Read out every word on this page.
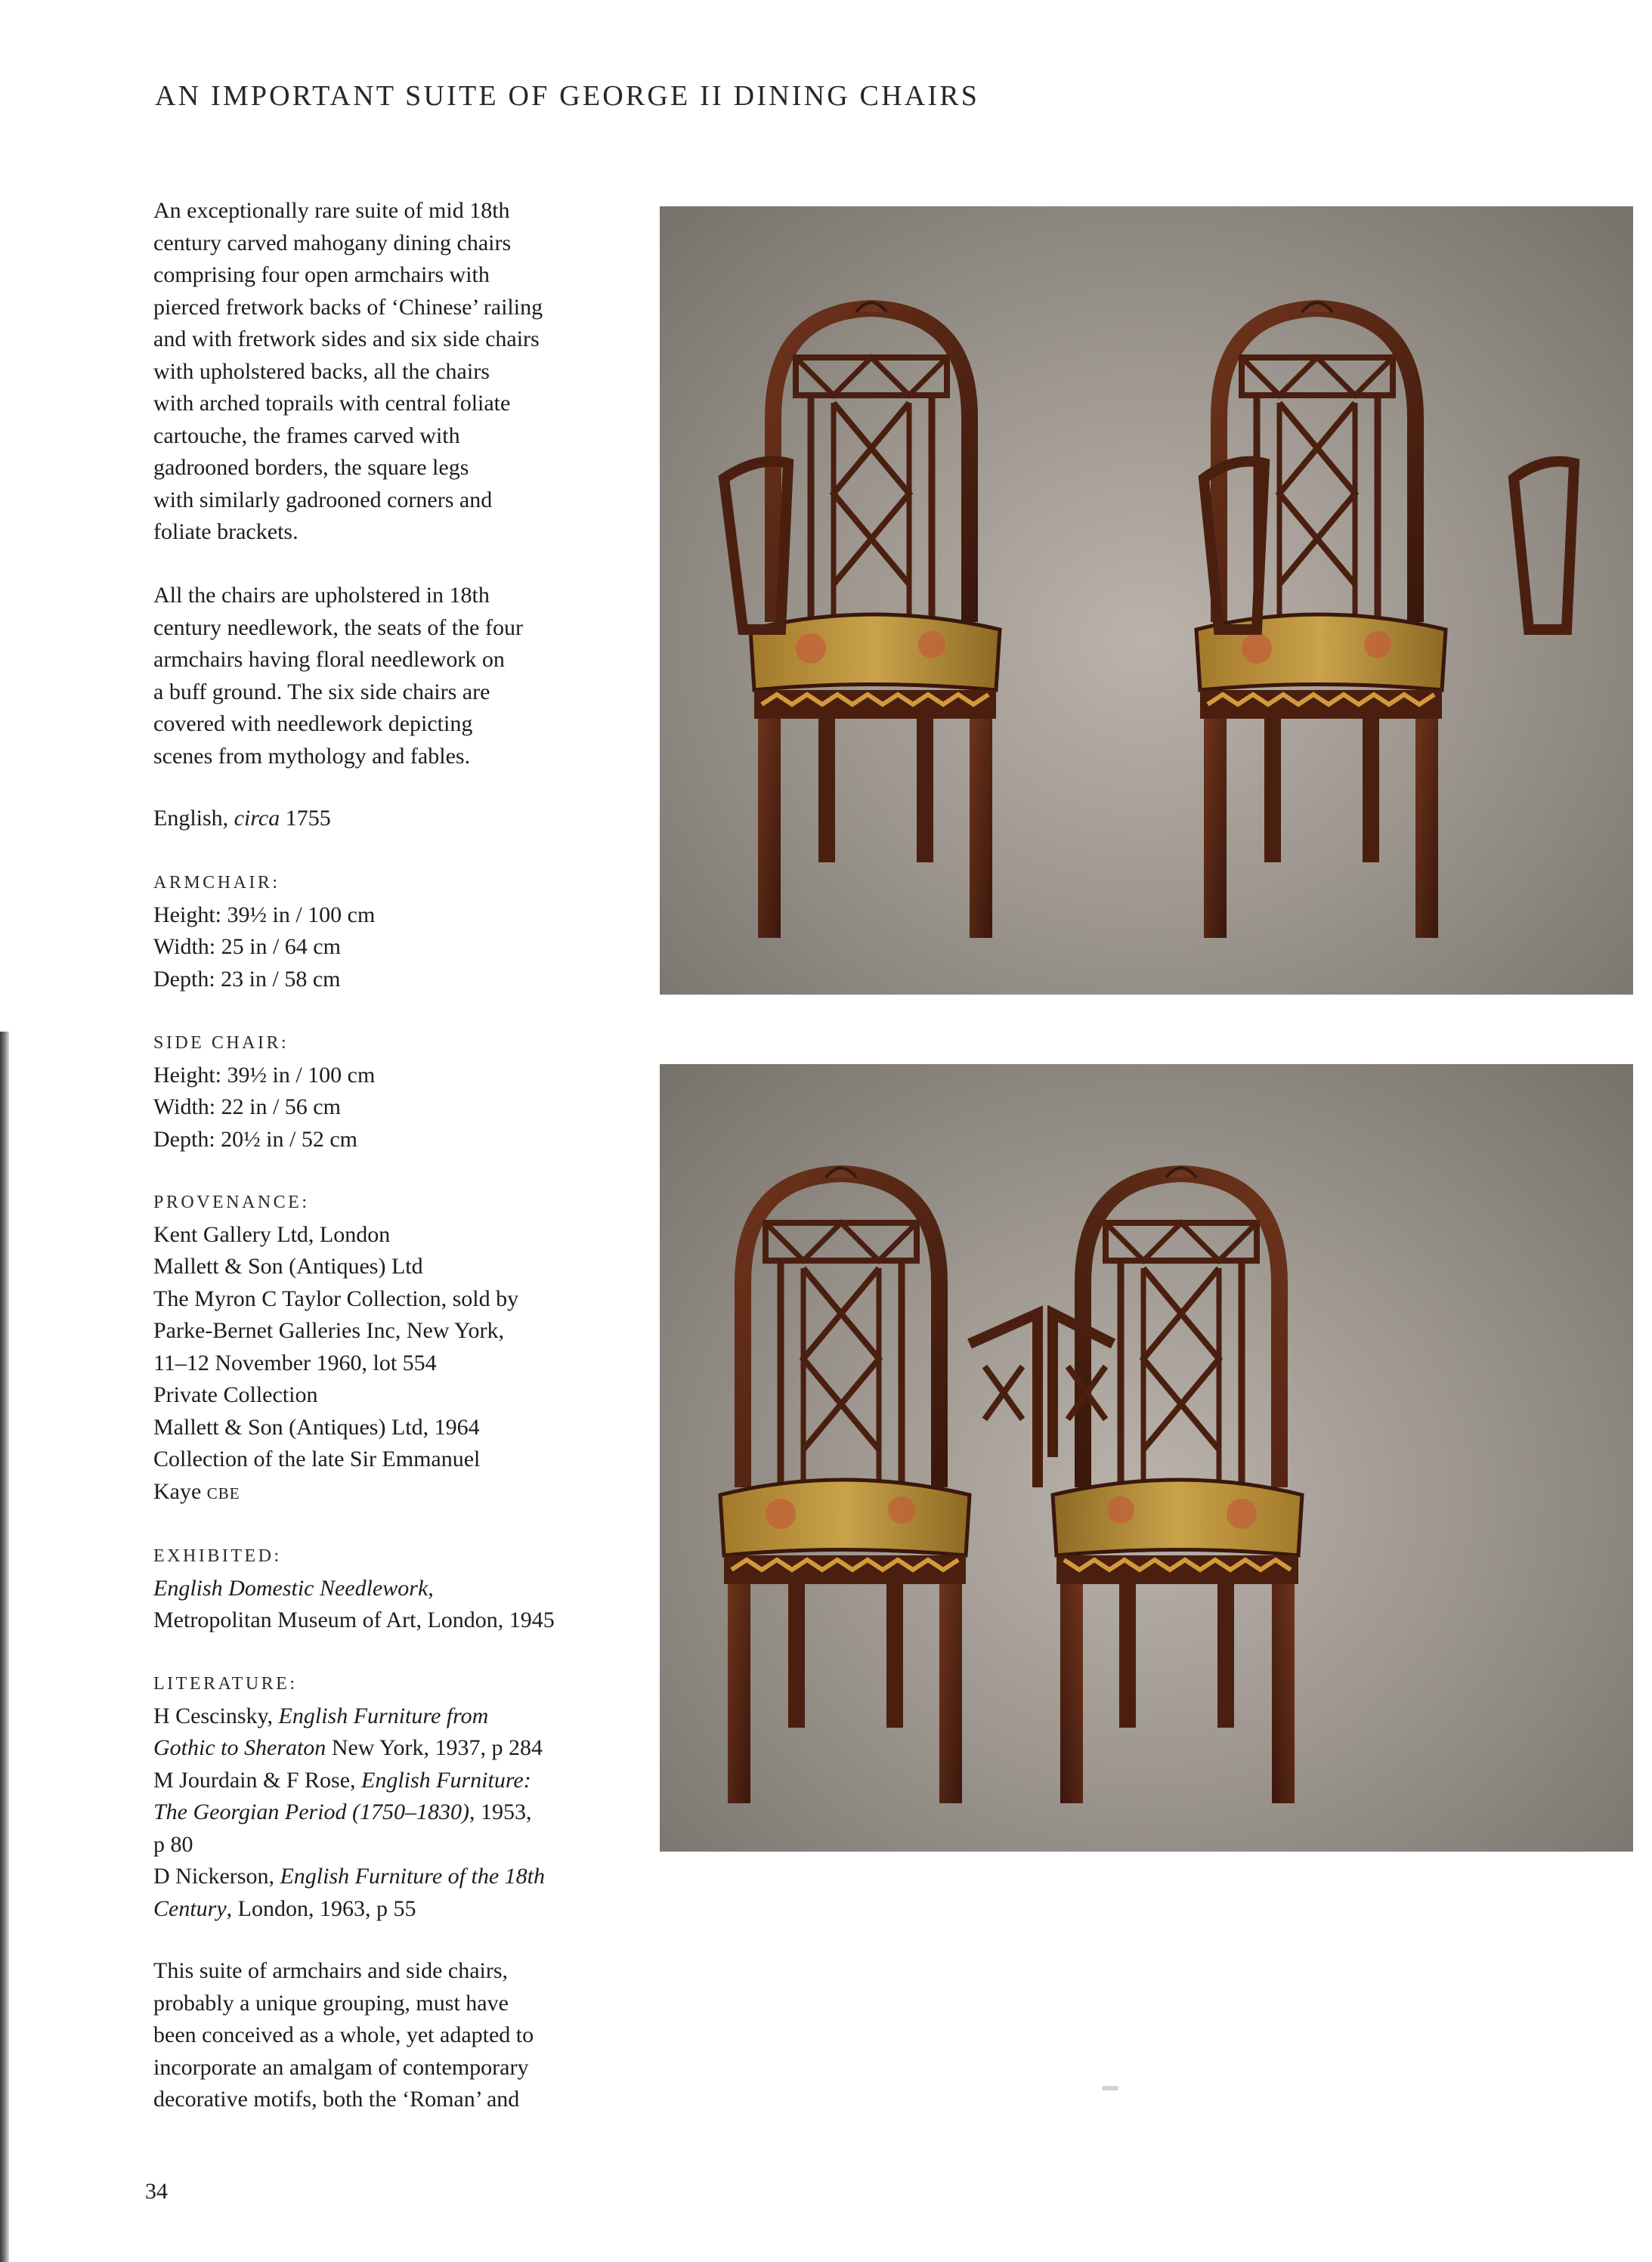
AN IMPORTANT SUITE OF GEORGE II DINING CHAIRS
An exceptionally rare suite of mid 18th
century carved mahogany dining chairs
comprising four open armchairs with
pierced fretwork backs of ‘Chinese’ railing
and with fretwork sides and six side chairs
with upholstered backs, all the chairs
with arched toprails with central foliate
cartouche, the frames carved with
gadrooned borders, the square legs
with similarly gadrooned corners and
foliate brackets.
All the chairs are upholstered in 18th
century needlework, the seats of the four
armchairs having floral needlework on
a buff ground. The six side chairs are
covered with needlework depicting
scenes from mythology and fables.
English, circa 1755
ARMCHAIR:
Height: 39½ in / 100 cm
Width: 25 in / 64 cm
Depth: 23 in / 58 cm
SIDE CHAIR:
Height: 39½ in / 100 cm
Width: 22 in / 56 cm
Depth: 20½ in / 52 cm
PROVENANCE:
Kent Gallery Ltd, London
Mallett & Son (Antiques) Ltd
The Myron C Taylor Collection, sold by
Parke-Bernet Galleries Inc, New York,
11–12 November 1960, lot 554
Private Collection
Mallett & Son (Antiques) Ltd, 1964
Collection of the late Sir Emmanuel
Kaye CBE
EXHIBITED:
English Domestic Needlework,
Metropolitan Museum of Art, London, 1945
LITERATURE:
H Cescinsky, English Furniture from
Gothic to Sheraton New York, 1937, p 284
M Jourdain & F Rose, English Furniture:
The Georgian Period (1750–1830), 1953,
p 80
D Nickerson, English Furniture of the 18th
Century, London, 1963, p 55
This suite of armchairs and side chairs,
probably a unique grouping, must have
been conceived as a whole, yet adapted to
incorporate an amalgam of contemporary
decorative motifs, both the ‘Roman’ and
34
